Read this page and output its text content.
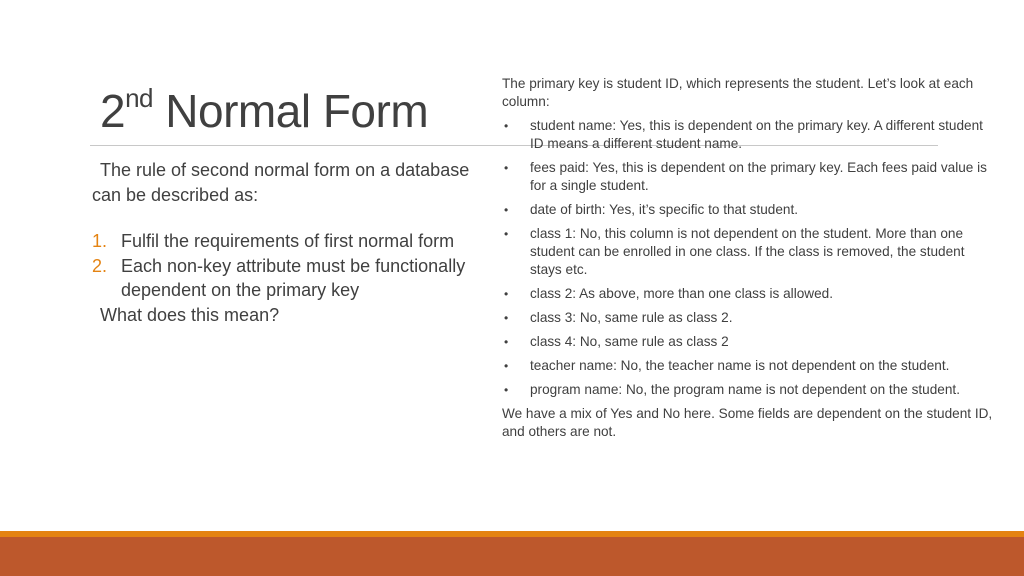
2nd Normal Form

The rule of second normal form on a database can be described as:

1. Fulfil the requirements of first normal form
2. Each non-key attribute must be functionally dependent on the primary key

What does this mean?

The primary key is student ID, which represents the student. Let’s look at each column:

• student name: Yes, this is dependent on the primary key. A different student ID means a different student name.
• fees paid: Yes, this is dependent on the primary key. Each fees paid value is for a single student.
• date of birth: Yes, it’s specific to that student.
• class 1: No, this column is not dependent on the student. More than one student can be enrolled in one class. If the class is removed, the student stays etc.
• class 2: As above, more than one class is allowed.
• class 3: No, same rule as class 2.
• class 4: No, same rule as class 2
• teacher name: No, the teacher name is not dependent on the student.
• program name: No, the program name is not dependent on the student.

We have a mix of Yes and No here. Some fields are dependent on the student ID, and others are not.
